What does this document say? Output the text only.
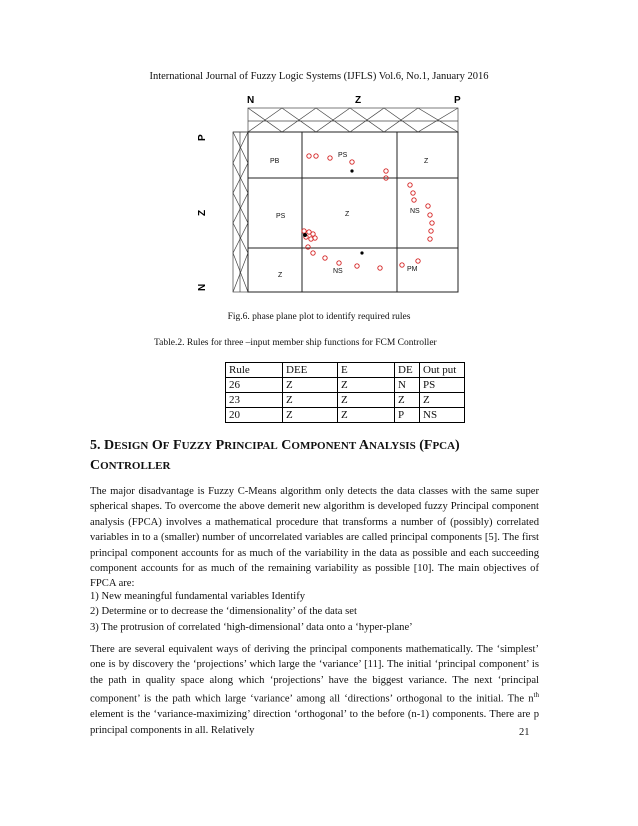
International Journal of Fuzzy Logic Systems (IJFLS) Vol.6, No.1, January 2016
N	Z	P
P
Z
N
PB
PS
Z
PS	Z	NS
Z
NS	PM
Fig.6. phase plane plot to identify required rules
Table.2. Rules for three –input member ship functions for FCM Controller
Rule	DEE	E	DE	Out put
26	Z	Z	N	PS
23	Z	Z	Z	Z
20	Z	Z	P	NS
5. DESIGN OF FUZZY PRINCIPAL COMPONENT ANALYSIS (FPCA)
CONTROLLER
The major disadvantage is Fuzzy C-Means algorithm only detects the data classes with the same super spherical shapes. To overcome the above demerit new algorithm is developed fuzzy Principal component analysis (FPCA) involves a mathematical procedure that transforms a number of (possibly) correlated variables in to a (smaller) number of uncorrelated variables are called principal components [5]. The first principal component accounts for as much of the variability in the data as possible and each succeeding component accounts for as much of the remaining variability as possible [10]. The main objectives of FPCA are:
1) New meaningful fundamental variables Identify
2) Determine or to decrease the ‘dimensionality’ of the data set
3) The protrusion of correlated ‘high-dimensional’ data onto a ‘hyper-plane’
There are several equivalent ways of deriving the principal components mathematically. The ‘simplest’ one is by discovery the ‘projections’ which large the ‘variance’ [11]. The initial ‘principal component’ is the path in quality space along which ‘projections’ have the biggest variance. The next ‘principal component’ is the path which large ‘variance’ among all ‘directions’ orthogonal to the initial. The $n^{th}$ element is the ‘variance-maximizing’ direction ‘orthogonal’ to the before (n-1) components. There are p principal components in all. Relatively	21
